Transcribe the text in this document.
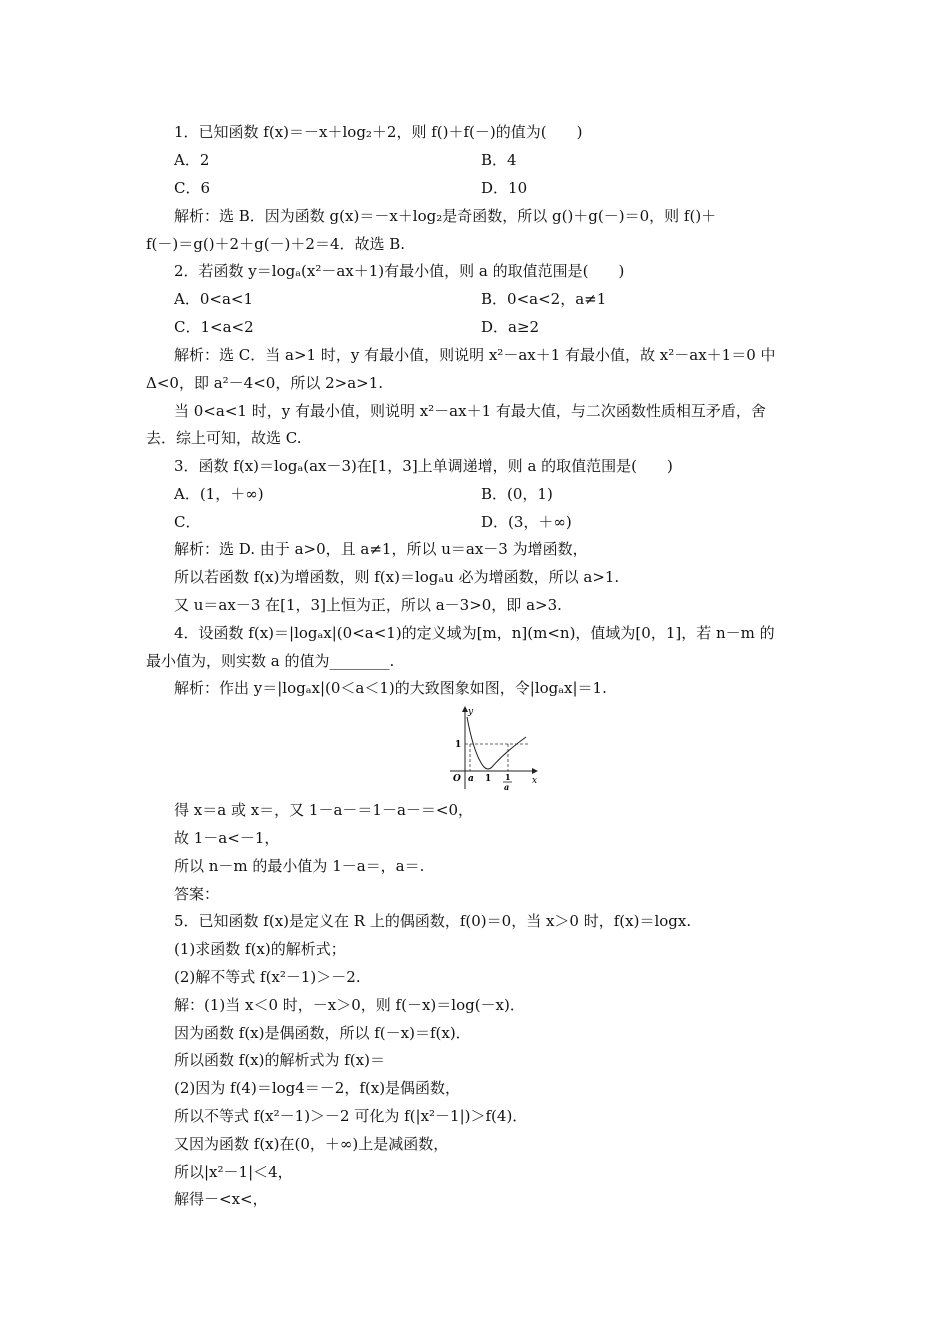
1．已知函数 f(x)＝－x＋log₂＋2，则 f()＋f(－)的值为(　　)
A．2	B．4
C．6	D．10
解析：选 B．因为函数 g(x)＝－x＋log₂是奇函数，所以 g()＋g(－)＝0，则 f()＋
f(－)＝g()＋2＋g(－)＋2＝4．故选 B.
2．若函数 y＝logₐ(x²－ax＋1)有最小值，则 a 的取值范围是(　　)
A．0<a<1	B．0<a<2，a≠1
C．1<a<2	D．a≥2
解析：选 C．当 a>1 时，y 有最小值，则说明 x²－ax＋1 有最小值，故 x²－ax＋1＝0 中
Δ<0，即 a²－4<0，所以 2>a>1.
当 0<a<1 时，y 有最小值，则说明 x²－ax＋1 有最大值，与二次函数性质相互矛盾，舍
去．综上可知，故选 C.
3．函数 f(x)＝logₐ(ax－3)在[1，3]上单调递增，则 a 的取值范围是(　　)
A．(1，＋∞)	B．(0，1)
C．	D．(3，＋∞)
解析：选 D. 由于 a>0，且 a≠1，所以 u＝ax－3 为增函数，
所以若函数 f(x)为增函数，则 f(x)＝logₐu 必为增函数，所以 a>1.
又 u＝ax－3 在[1，3]上恒为正，所以 a－3>0，即 a>3.
4．设函数 f(x)＝|logₐx|(0<a<1)的定义域为[m，n](m<n)，值域为[0，1]，若 n－m 的
最小值为，则实数 a 的值为________.
解析：作出 y＝|logₐx|(0＜a＜1)的大致图象如图，令|logₐx|＝1.
y
x
O
1
a 1 1
a
得 x＝a 或 x＝，又 1－a－＝1－a－＝<0，
故 1－a<－1，
所以 n－m 的最小值为 1－a＝，a＝.
答案：
5．已知函数 f(x)是定义在 R 上的偶函数，f(0)＝0，当 x＞0 时，f(x)＝logx.
(1)求函数 f(x)的解析式；
(2)解不等式 f(x²－1)＞－2.
解：(1)当 x＜0 时，－x＞0，则 f(－x)＝log(－x)．
因为函数 f(x)是偶函数，所以 f(－x)＝f(x)．
所以函数 f(x)的解析式为 f(x)＝
(2)因为 f(4)＝log4＝－2，f(x)是偶函数，
所以不等式 f(x²－1)＞－2 可化为 f(|x²－1|)＞f(4)．
又因为函数 f(x)在(0，＋∞)上是减函数，
所以|x²－1|＜4，
解得－<x<，
